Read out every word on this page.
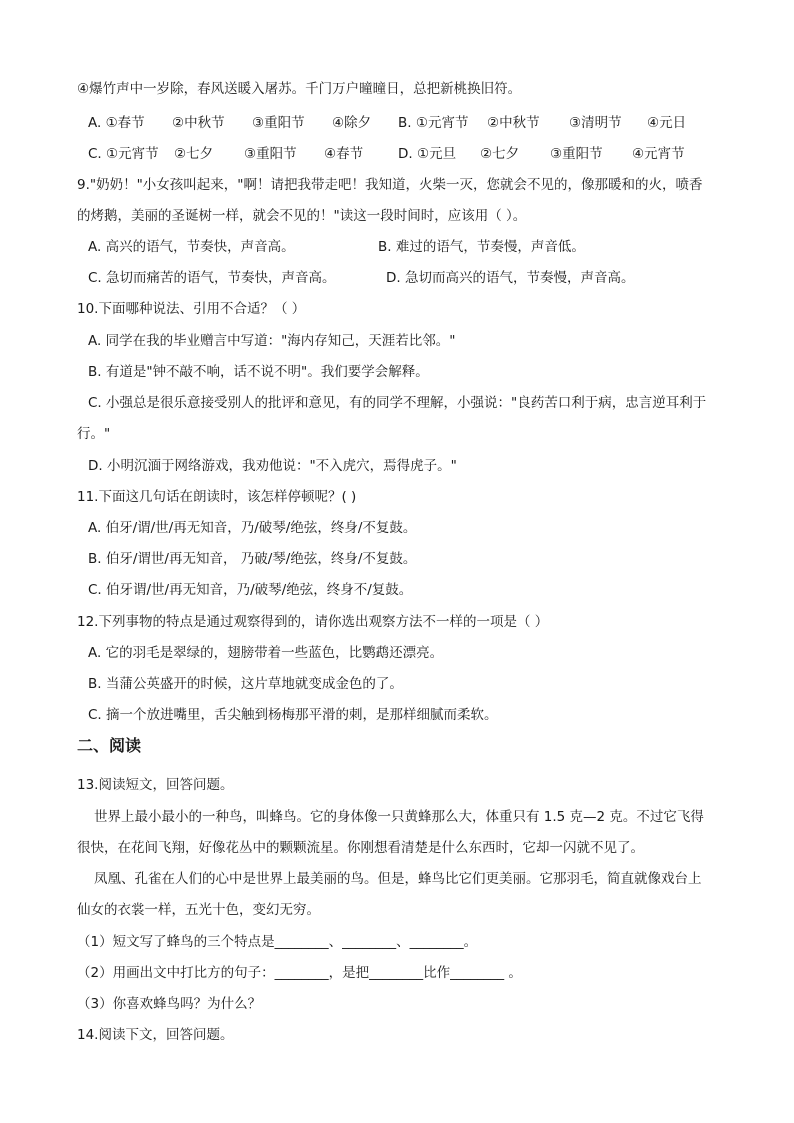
④爆竹声中一岁除，春风送暖入屠苏。千门万户曈曈日，总把新桃换旧符。
A. ①春节 ②中秋节 ③重阳节 ④除夕 B. ①元宵节 ②中秋节 ③清明节 ④元日
C. ①元宵节 ②七夕 ③重阳节 ④春节	D. ①元旦 ②七夕 ③重阳节 ④元宵节
9."奶奶！"小女孩叫起来，"啊！请把我带走吧！我知道，火柴一灭，您就会不见的，像那暖和的火，喷香
的烤鹅，美丽的圣诞树一样，就会不见的！"读这一段时间时，应该用（ ）。
A. 高兴的语气，节奏快，声音高。	B. 难过的语气，节奏慢，声音低。
C. 急切而痛苦的语气，节奏快，声音高。	D. 急切而高兴的语气，节奏慢，声音高。
10.下面哪种说法、引用不合适？（ ）
A. 同学在我的毕业赠言中写道："海内存知己，天涯若比邻。"
B. 有道是"钟不敲不响，话不说不明"。我们要学会解释。
C. 小强总是很乐意接受别人的批评和意见，有的同学不理解，小强说："良药苦口利于病，忠言逆耳利于
行。"
D. 小明沉湎于网络游戏，我劝他说："不入虎穴，焉得虎子。"
11.下面这几句话在朗读时，该怎样停顿呢？( )
A. 伯牙/谓/世/再无知音，乃/破琴/绝弦，终身/不复鼓。
B. 伯牙/谓世/再无知音， 乃破/琴/绝弦，终身/不复鼓。
C. 伯牙谓/世/再无知音，乃/破琴/绝弦，终身不/复鼓。
12.下列事物的特点是通过观察得到的，请你选出观察方法不一样的一项是（ ）
A. 它的羽毛是翠绿的，翅膀带着一些蓝色，比鹦鹉还漂亮。
B. 当蒲公英盛开的时候，这片草地就变成金色的了。
C. 摘一个放进嘴里，舌尖触到杨梅那平滑的刺，是那样细腻而柔软。
二、阅读
13.阅读短文，回答问题。
世界上最小最小的一种鸟，叫蜂鸟。它的身体像一只黄蜂那么大，体重只有 1.5 克—2 克。不过它飞得
很快，在花间飞翔，好像花丛中的颗颗流星。你刚想看清楚是什么东西时，它却一闪就不见了。
凤凰、孔雀在人们的心中是世界上最美丽的鸟。但是，蜂鸟比它们更美丽。它那羽毛，简直就像戏台上
仙女的衣裳一样，五光十色，变幻无穷。
（1）短文写了蜂鸟的三个特点是________、________、________。
（2）用画出文中打比方的句子：________，是把________比作________ 。
（3）你喜欢蜂鸟吗？为什么？
14.阅读下文，回答问题。
